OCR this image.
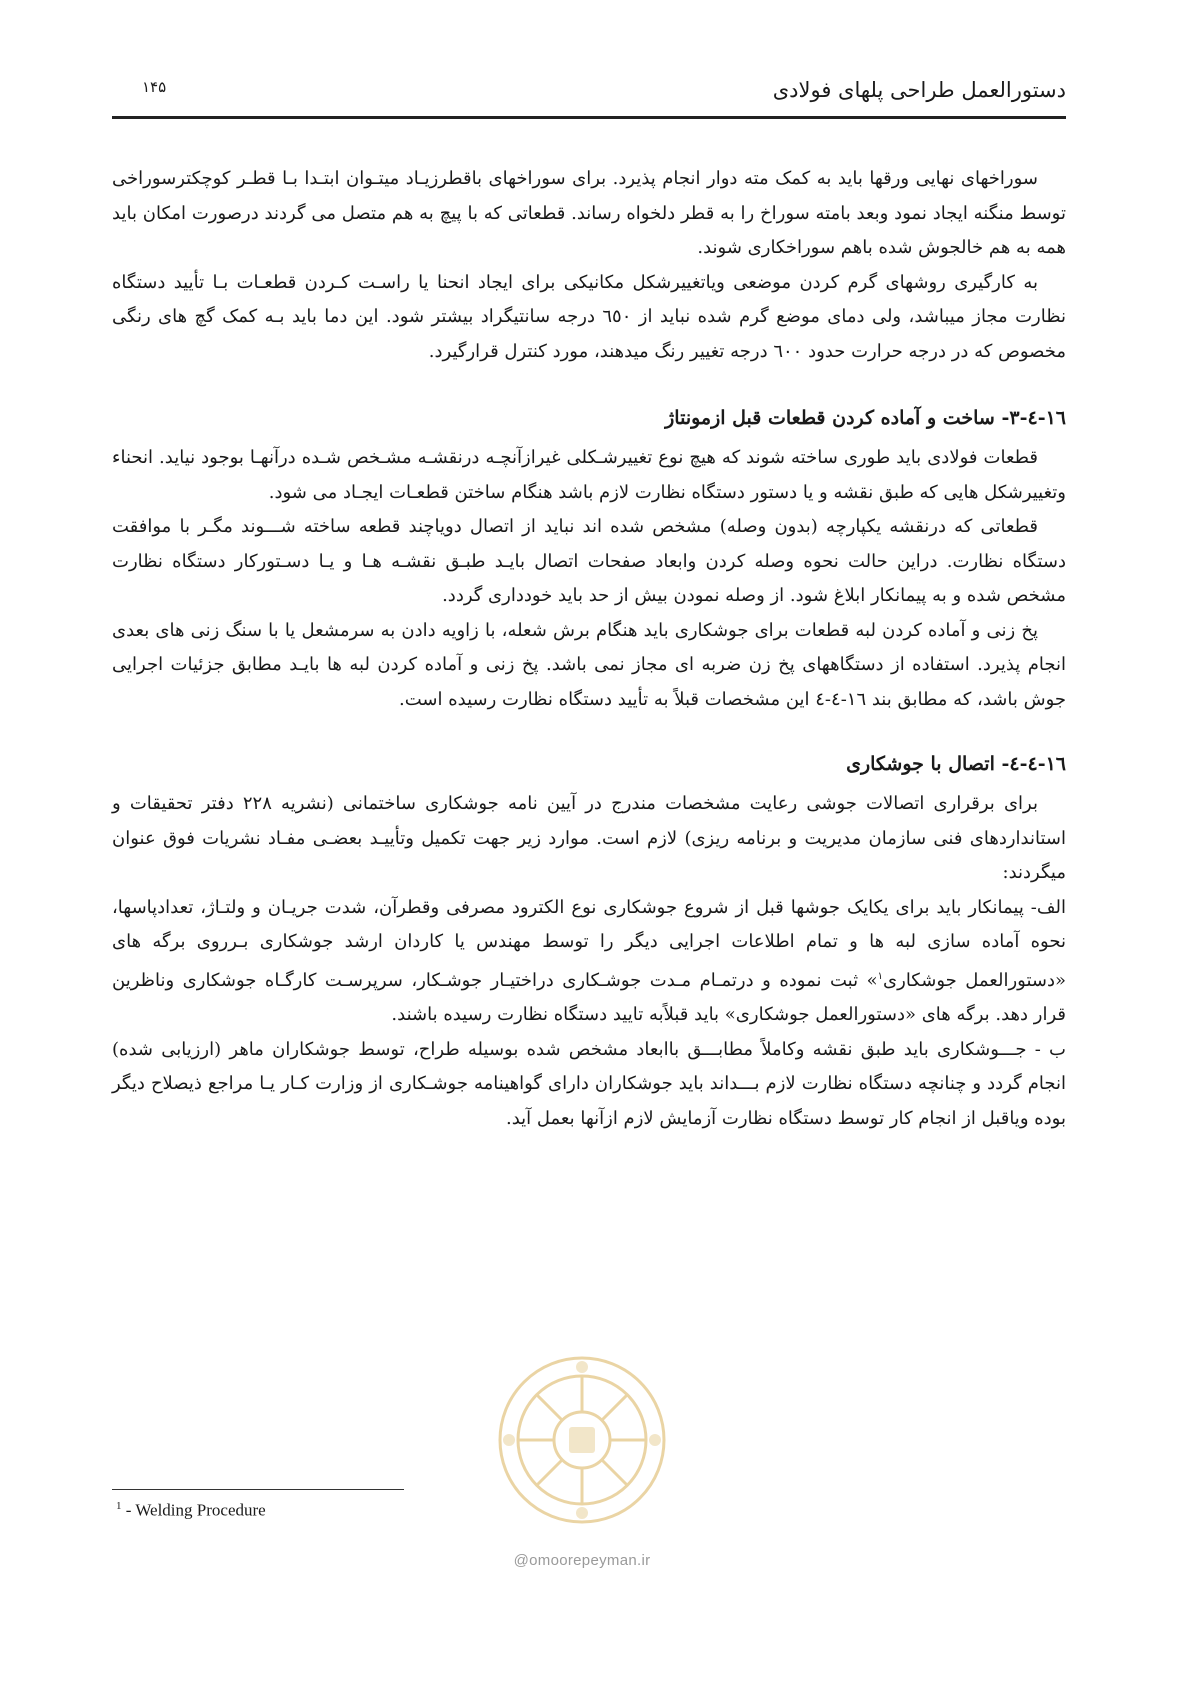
دستورالعمل طراحی پلهای فولادی
۱۴۵

سوراخهای نهایی ورقها باید به کمک مته دوار انجام پذیرد. برای سوراخهای باقطرزیـاد میتـوان ابتـدا بـا قطـر کوچکترسوراخی توسط منگنه ایجاد نمود وبعد بامته سوراخ را به قطر دلخواه رساند. قطعاتی که با پیچ به هم متصل می گردند درصورت امکان باید همه به هم خالجوش شده باهم سوراخکاری شوند.

به کارگیری روشهای گرم کردن موضعی ویاتغییرشکل مکانیکی برای ایجاد انحنا یا راسـت کـردن قطعـات بـا تأیید دستگاه نظارت مجاز میباشد، ولی دمای موضع گرم شده نباید از ٦٥٠ درجه سانتیگراد بیشتر شود. این دما باید بـه کمک گچ های رنگی مخصوص که در درجه حرارت حدود ٦٠٠ درجه تغییر رنگ میدهند، مورد کنترل قرارگیرد.

١٦-٤-٣- ساخت و آماده کردن قطعات قبل ازمونتاژ

قطعات فولادی باید طوری ساخته شوند که هیچ نوع تغییرشـکلی غیرازآنچـه درنقشـه مشـخص شـده درآنهـا بوجود نیاید. انحناء وتغییرشکل هایی که طبق نقشه و یا دستور دستگاه نظارت لازم باشد هنگام ساختن قطعـات ایجـاد می شود.

قطعاتی که درنقشه یکپارچه (بدون وصله) مشخص شده اند نباید از اتصال دویاچند قطعه ساخته شـــوند مگـر با موافقت دستگاه نظارت. دراین حالت نحوه وصله کردن وابعاد صفحات اتصال بایـد طبـق نقشـه هـا و یـا دسـتورکار دستگاه نظارت مشخص شده و به پیمانکار ابلاغ شود. از وصله نمودن بیش از حد باید خودداری گردد.

پخ زنی و آماده کردن لبه قطعات برای جوشکاری باید هنگام برش شعله، با زاویه دادن به سرمشعل یا با سنگ زنی های بعدی انجام پذیرد. استفاده از دستگاههای پخ زن ضربه ای مجاز نمی باشد. پخ زنی و آماده کردن لبه ها بایـد مطابق جزئیات اجرایی جوش باشد، که مطابق بند ١٦-٤-٤ این مشخصات قبلاً به تأیید دستگاه نظارت رسیده است.

١٦-٤-٤- اتصال با جوشکاری

برای برقراری اتصالات جوشی رعایت مشخصات مندرج در آیین نامه جوشکاری ساختمانی (نشریه ٢٢٨ دفتر تحقیقات و استانداردهای فنی سازمان مدیریت و برنامه ریزی) لازم است. موارد زیر جهت تکمیل وتأییـد بعضـی مفـاد نشریات فوق عنوان میگردند:

الف- پیمانکار باید برای یکایک جوشها قبل از شروع جوشکاری نوع الکترود مصرفی وقطرآن، شدت جریـان و ولتـاژ، تعدادپاسها، نحوه آماده سازی لبه ها و تمام اطلاعات اجرایی دیگر را توسط مهندس یا کاردان ارشد جوشکاری بـرروی برگه های «دستورالعمل جوشکاری$^١$» ثبت نموده و درتمـام مـدت جوشـکاری دراختیـار جوشـکار، سرپرسـت کارگـاه جوشکاری وناظرین قرار دهد. برگه های «دستورالعمل جوشکاری» باید قبلاًبه تایید دستگاه نظارت رسیده باشند.

ب - جـــوشکاری باید طبق نقشه وکاملاً مطابـــق باابعاد مشخص شده بوسیله طراح، توسط جوشکاران ماهر (ارزیابی شده) انجام گردد و چنانچه دستگاه نظارت لازم بـــداند باید جوشکاران دارای گواهینامه جوشـکاری از وزارت کـار یـا مراجع ذیصلاح دیگر بوده وياقبل از انجام کار توسط دستگاه نظارت آزمایش لازم ازآنها بعمل آید.

$^1$ - Welding Procedure
@omoorepeyman.ir
